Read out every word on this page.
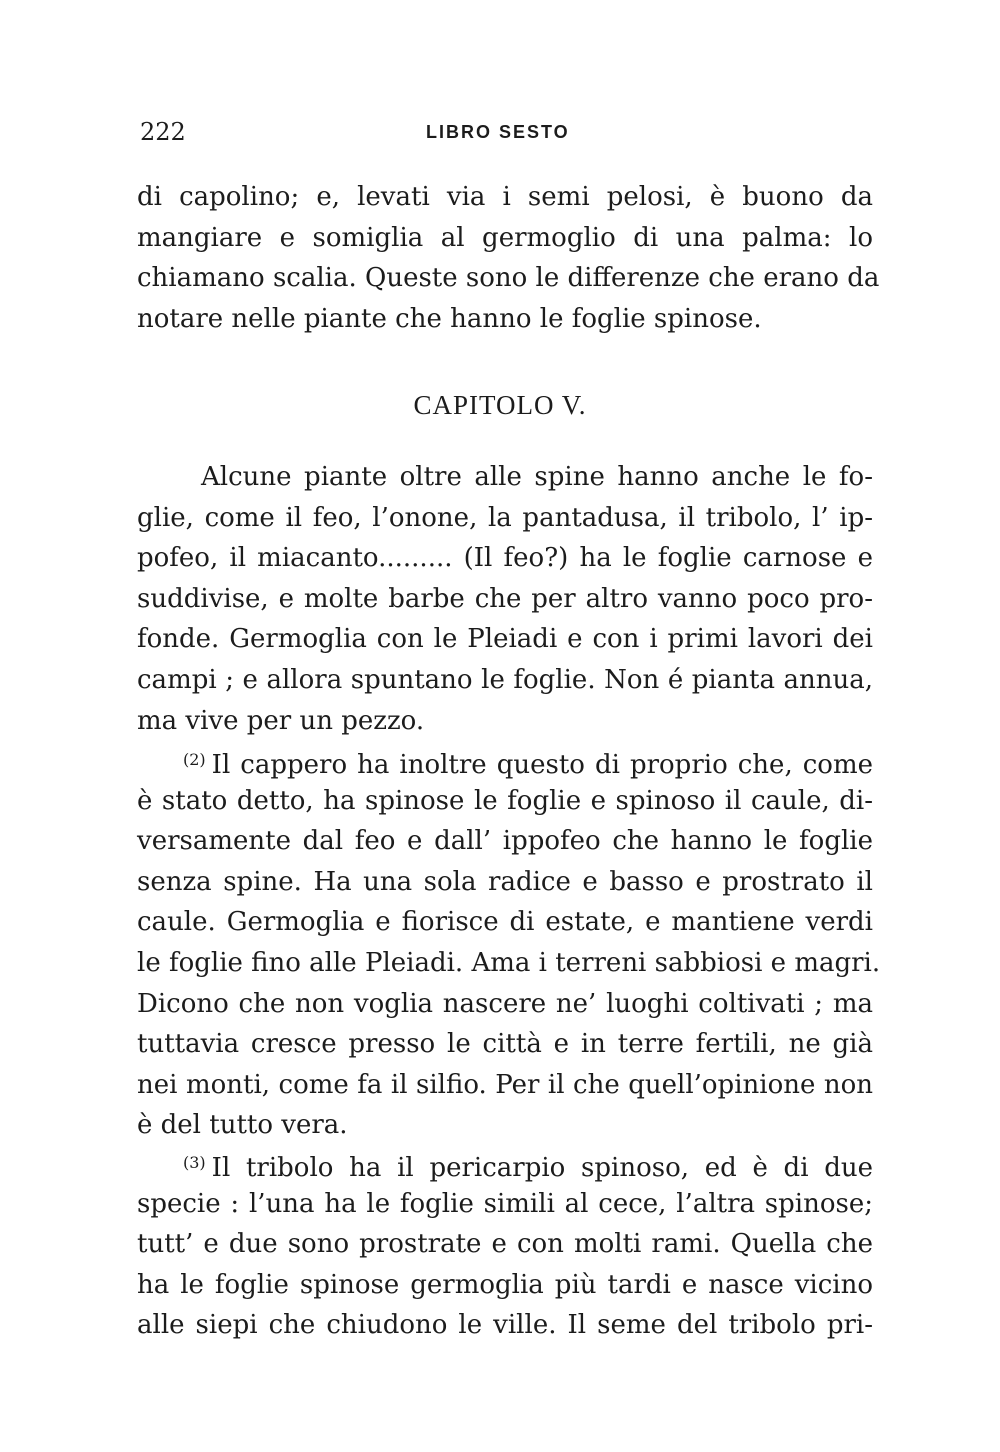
222	LIBRO SESTO
di capolino; e, levati via i semi pelosi, è buono da
mangiare e somiglia al germoglio di una palma: lo
chiamano scalia. Queste sono le differenze che erano da
notare nelle piante che hanno le foglie spinose.
CAPITOLO V.
Alcune piante oltre alle spine hanno anche le fo-
glie, come il feo, l’onone, la pantadusa, il tribolo, l’ ip-
pofeo, il miacanto......... (Il feo?) ha le foglie carnose e
suddivise, e molte barbe che per altro vanno poco pro-
fonde. Germoglia con le Pleiadi e con i primi lavori dei
campi ; e allora spuntano le foglie. Non é pianta annua,
ma vive per un pezzo.
$^{(2)}$ Il cappero ha inoltre questo di proprio che, come
è stato detto, ha spinose le foglie e spinoso il caule, di-
versamente dal feo e dall’ ippofeo che hanno le foglie
senza spine. Ha una sola radice e basso e prostrato il
caule. Germoglia e fiorisce di estate, e mantiene verdi
le foglie fino alle Pleiadi. Ama i terreni sabbiosi e magri.
Dicono che non voglia nascere ne’ luoghi coltivati ; ma
tuttavia cresce presso le città e in terre fertili, ne già
nei monti, come fa il silfio. Per il che quell’opinione non
è del tutto vera.
$^{(3)}$ Il tribolo ha il pericarpio spinoso, ed è di due
specie : l’una ha le foglie simili al cece, l’altra spinose;
tutt’ e due sono prostrate e con molti rami. Quella che
ha le foglie spinose germoglia più tardi e nasce vicino
alle siepi che chiudono le ville. Il seme del tribolo pri-
